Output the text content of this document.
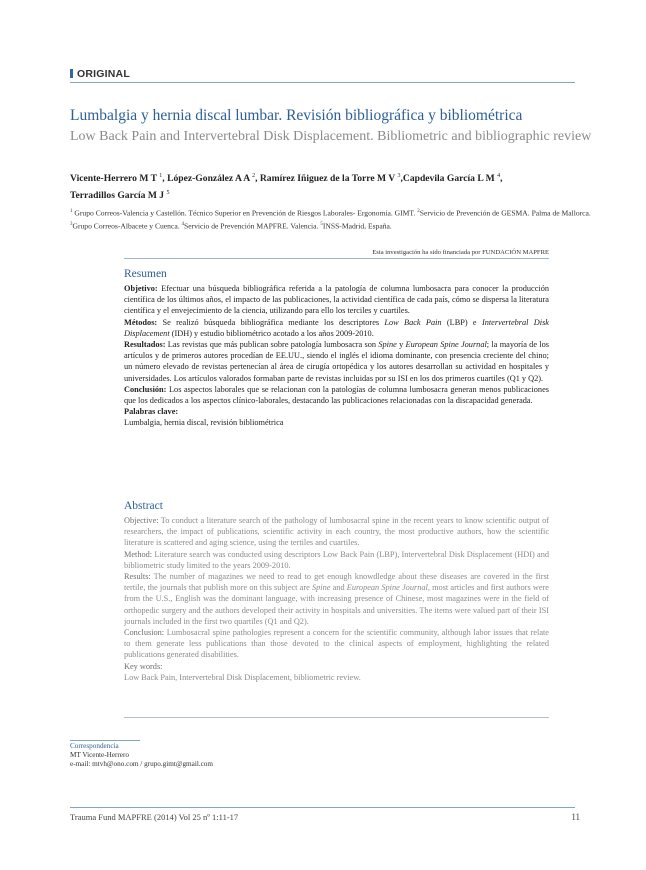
ORIGINAL
Lumbalgia y hernia discal lumbar. Revisión bibliográfica y bibliométrica
Low Back Pain and Intervertebral Disk Displacement. Bibliometric and bibliographic review
Vicente-Herrero M T $^1$, López-González A A $^2$, Ramírez Iñiguez de la Torre M V $^3$,Capdevila García L M $^4$,
Terradillos García M J $^5$
$^1$ Grupo Correos-Valencia y Castellón. Técnico Superior en Prevención de Riesgos Laborales- Ergonomía. GIMT. $^2$Servicio de Prevención de GESMA. Palma de Mallorca. $^3$Grupo Correos-Albacete y Cuenca. $^4$Servicio de Prevención MAPFRE. Valencia. $^5$INSS-Madrid, España.
Esta investigación ha sido financiada por FUNDACIÓN MAPFRE
Resumen

Objetivo: Efectuar una búsqueda bibliográfica referida a la patología de columna lumbosacra para conocer la producción científica de los últimos años, el impacto de las publicaciones, la actividad científica de cada país, cómo se dispersa la literatura científica y el envejecimiento de la ciencia, utilizando para ello los terciles y cuartiles.

Métodos: Se realizó búsqueda bibliográfica mediante los descriptores Low Back Pain (LBP) e Intervertebral Disk Displacement (IDH) y estudio bibliométrico acotado a los años 2009-2010.

Resultados: Las revistas que más publican sobre patología lumbosacra son Spine y European Spine Journal; la mayoría de los artículos y de primeros autores procedían de EE.UU., siendo el inglés el idioma dominante, con presencia creciente del chino; un número elevado de revistas pertenecían al área de cirugía ortopédica y los autores desarrollan su actividad en hospitales y universidades. Los artículos valorados formaban parte de revistas incluidas por su ISI en los dos primeros cuartiles (Q1 y Q2).

Conclusión: Los aspectos laborales que se relacionan con la patologías de columna lumbosacra generan menos publicaciones que los dedicados a los aspectos clínico-laborales, destacando las publicaciones relacionadas con la discapacidad generada.

Palabras clave:

Lumbalgia, hernia discal, revisión bibliométrica

Abstract

Objective: To conduct a literature search of the pathology of lumbosacral spine in the recent years to know scientific output of researchers, the impact of publications, scientific activity in each country, the most productive authors, how the scientific literature is scattered and aging science, using the tertiles and cuartiles.

Method: Literature search was conducted using descriptors Low Back Pain (LBP), Intervertebral Disk Displacement (HDI) and bibliometric study limited to the years 2009-2010.

Results: The number of magazines we need to read to get enough knowdledge about these diseases are covered in the first tertile, the journals that publish more on this subject are Spine and European Spine Journal, most articles and first authors were from the U.S., English was the dominant language, with increasing presence of Chinese, most magazines were in the field of orthopedic surgery and the authors developed their activity in hospitals and universities. The items were valued part of their ISI journals included in the first two quartiles (Q1 and Q2).

Conclusion: Lumbosacral spine pathologies represent a concern for the scientific community, although labor issues that relate to them generate less publications than those devoted to the clinical aspects of employment, highlighting the related publications generated disabilities.

Key words:

Low Back Pain, Intervertebral Disk Displacement, bibliometric review.

Correspondencia
MT Vicente-Herrero
e-mail: mtvh@ono.com / grupo.gimt@gmail.com
Trauma Fund MAPFRE (2014) Vol 25 nº 1:11-17	11
